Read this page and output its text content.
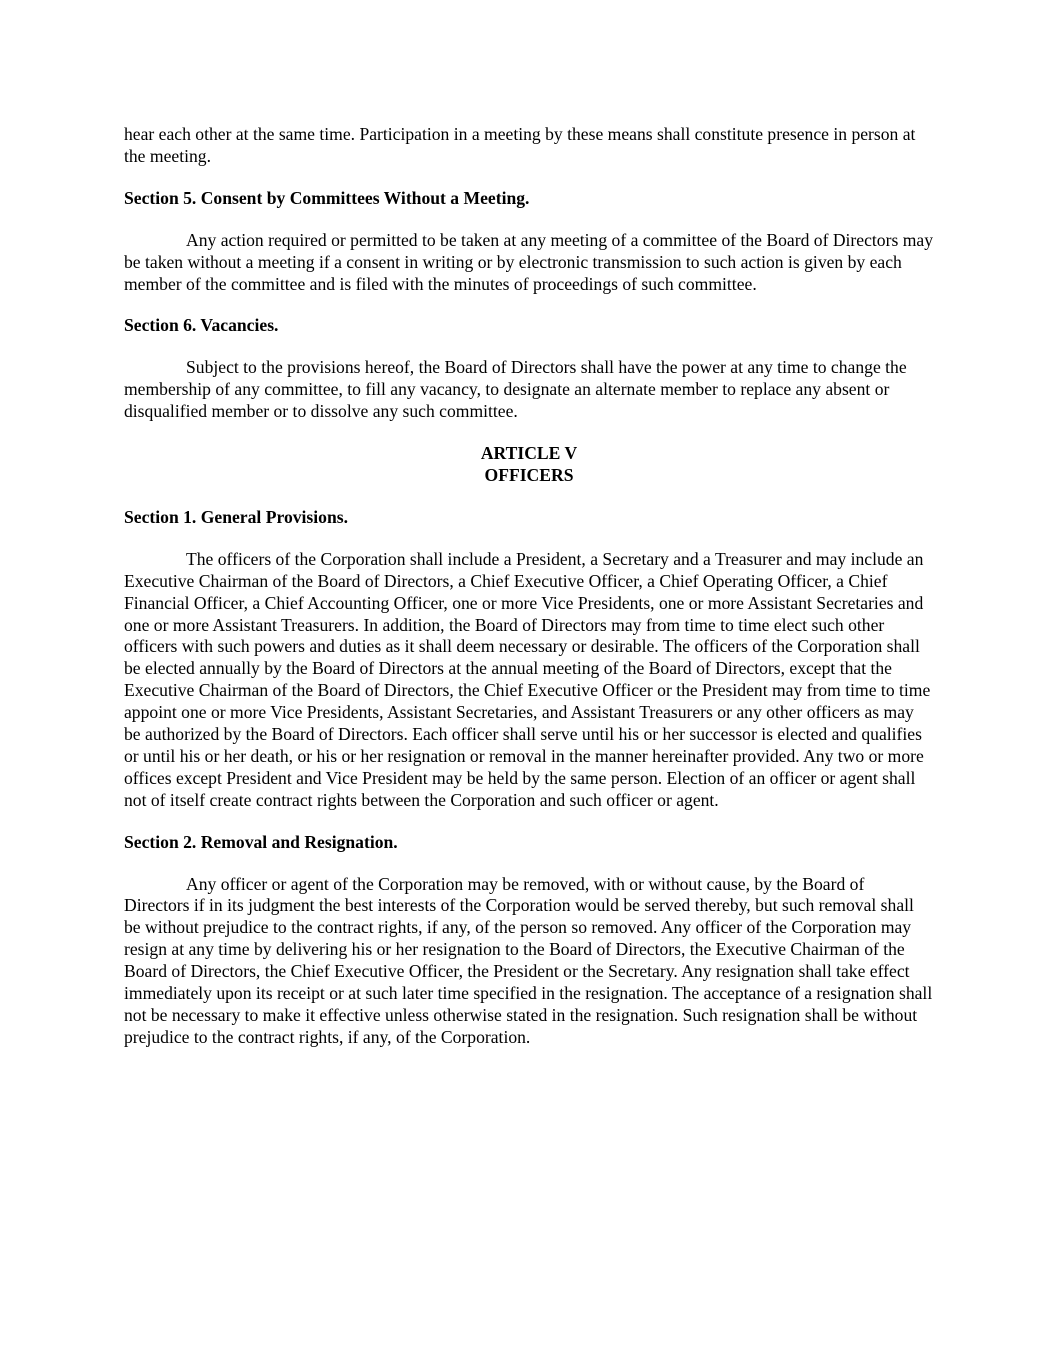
hear each other at the same time. Participation in a meeting by these means shall constitute presence in person at the meeting.

Section 5. Consent by Committees Without a Meeting.

Any action required or permitted to be taken at any meeting of a committee of the Board of Directors may be taken without a meeting if a consent in writing or by electronic transmission to such action is given by each member of the committee and is filed with the minutes of proceedings of such committee.

Section 6. Vacancies.

Subject to the provisions hereof, the Board of Directors shall have the power at any time to change the membership of any committee, to fill any vacancy, to designate an alternate member to replace any absent or disqualified member or to dissolve any such committee.

ARTICLE V

OFFICERS

Section 1. General Provisions.

The officers of the Corporation shall include a President, a Secretary and a Treasurer and may include an Executive Chairman of the Board of Directors, a Chief Executive Officer, a Chief Operating Officer, a Chief Financial Officer, a Chief Accounting Officer, one or more Vice Presidents, one or more Assistant Secretaries and one or more Assistant Treasurers. In addition, the Board of Directors may from time to time elect such other officers with such powers and duties as it shall deem necessary or desirable. The officers of the Corporation shall be elected annually by the Board of Directors at the annual meeting of the Board of Directors, except that the Executive Chairman of the Board of Directors, the Chief Executive Officer or the President may from time to time appoint one or more Vice Presidents, Assistant Secretaries, and Assistant Treasurers or any other officers as may be authorized by the Board of Directors. Each officer shall serve until his or her successor is elected and qualifies or until his or her death, or his or her resignation or removal in the manner hereinafter provided. Any two or more offices except President and Vice President may be held by the same person. Election of an officer or agent shall not of itself create contract rights between the Corporation and such officer or agent.

Section 2. Removal and Resignation.

Any officer or agent of the Corporation may be removed, with or without cause, by the Board of Directors if in its judgment the best interests of the Corporation would be served thereby, but such removal shall be without prejudice to the contract rights, if any, of the person so removed. Any officer of the Corporation may resign at any time by delivering his or her resignation to the Board of Directors, the Executive Chairman of the Board of Directors, the Chief Executive Officer, the President or the Secretary. Any resignation shall take effect immediately upon its receipt or at such later time specified in the resignation. The acceptance of a resignation shall not be necessary to make it effective unless otherwise stated in the resignation. Such resignation shall be without prejudice to the contract rights, if any, of the Corporation.
